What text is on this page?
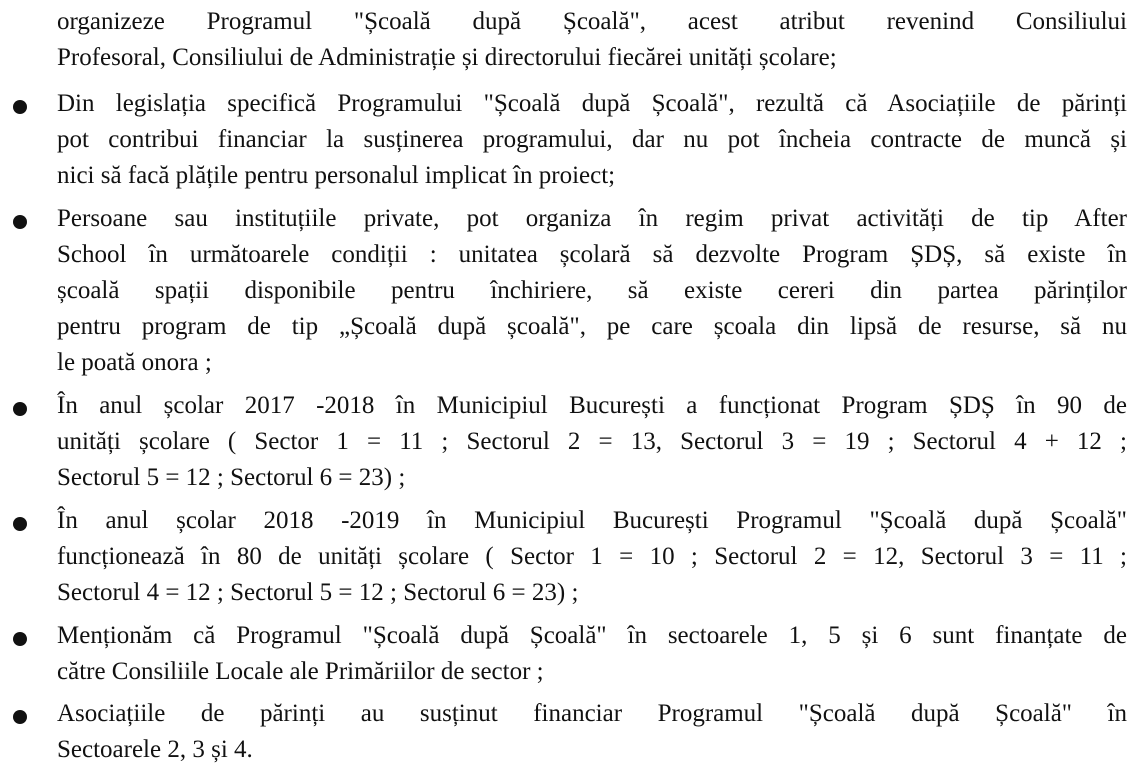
organizeze Programul "Școală după Școală", acest atribut revenind Consiliului
Profesoral, Consiliului de Administrație și directorului fiecărei unități școlare;
Din legislația specifică Programului "Școală după Școală", rezultă că Asociațiile de părinți
pot contribui financiar la susținerea programului, dar nu pot încheia contracte de muncă și
nici să facă plățile pentru personalul implicat în proiect;
Persoane sau instituțiile private, pot organiza în regim privat activități de tip After
School în următoarele condiții : unitatea școlară să dezvolte Program ȘDȘ, să existe în
școală spații disponibile pentru închiriere, să existe cereri din partea părinților
pentru program de tip „Școală după școală", pe care școala din lipsă de resurse, să nu
le poată onora ;
În anul școlar 2017 -2018 în Municipiul București a funcționat Program ȘDȘ în 90 de
unități școlare ( Sector 1 = 11 ; Sectorul 2 = 13, Sectorul 3 = 19 ; Sectorul 4 + 12 ;
Sectorul 5 = 12 ; Sectorul 6 = 23) ;
În anul școlar 2018 -2019 în Municipiul București Programul "Școală după Școală"
funcționează în 80 de unități școlare ( Sector 1 = 10 ; Sectorul 2 = 12, Sectorul 3 = 11 ;
Sectorul 4 = 12 ; Sectorul 5 = 12 ; Sectorul 6 = 23) ;
Menționăm că Programul "Școală după Școală" în sectoarele 1, 5 și 6 sunt finanțate de
către Consiliile Locale ale Primăriilor de sector ;
Asociațiile de părinți au susținut financiar Programul "Școală după Școală" în
Sectoarele 2, 3 și 4.
